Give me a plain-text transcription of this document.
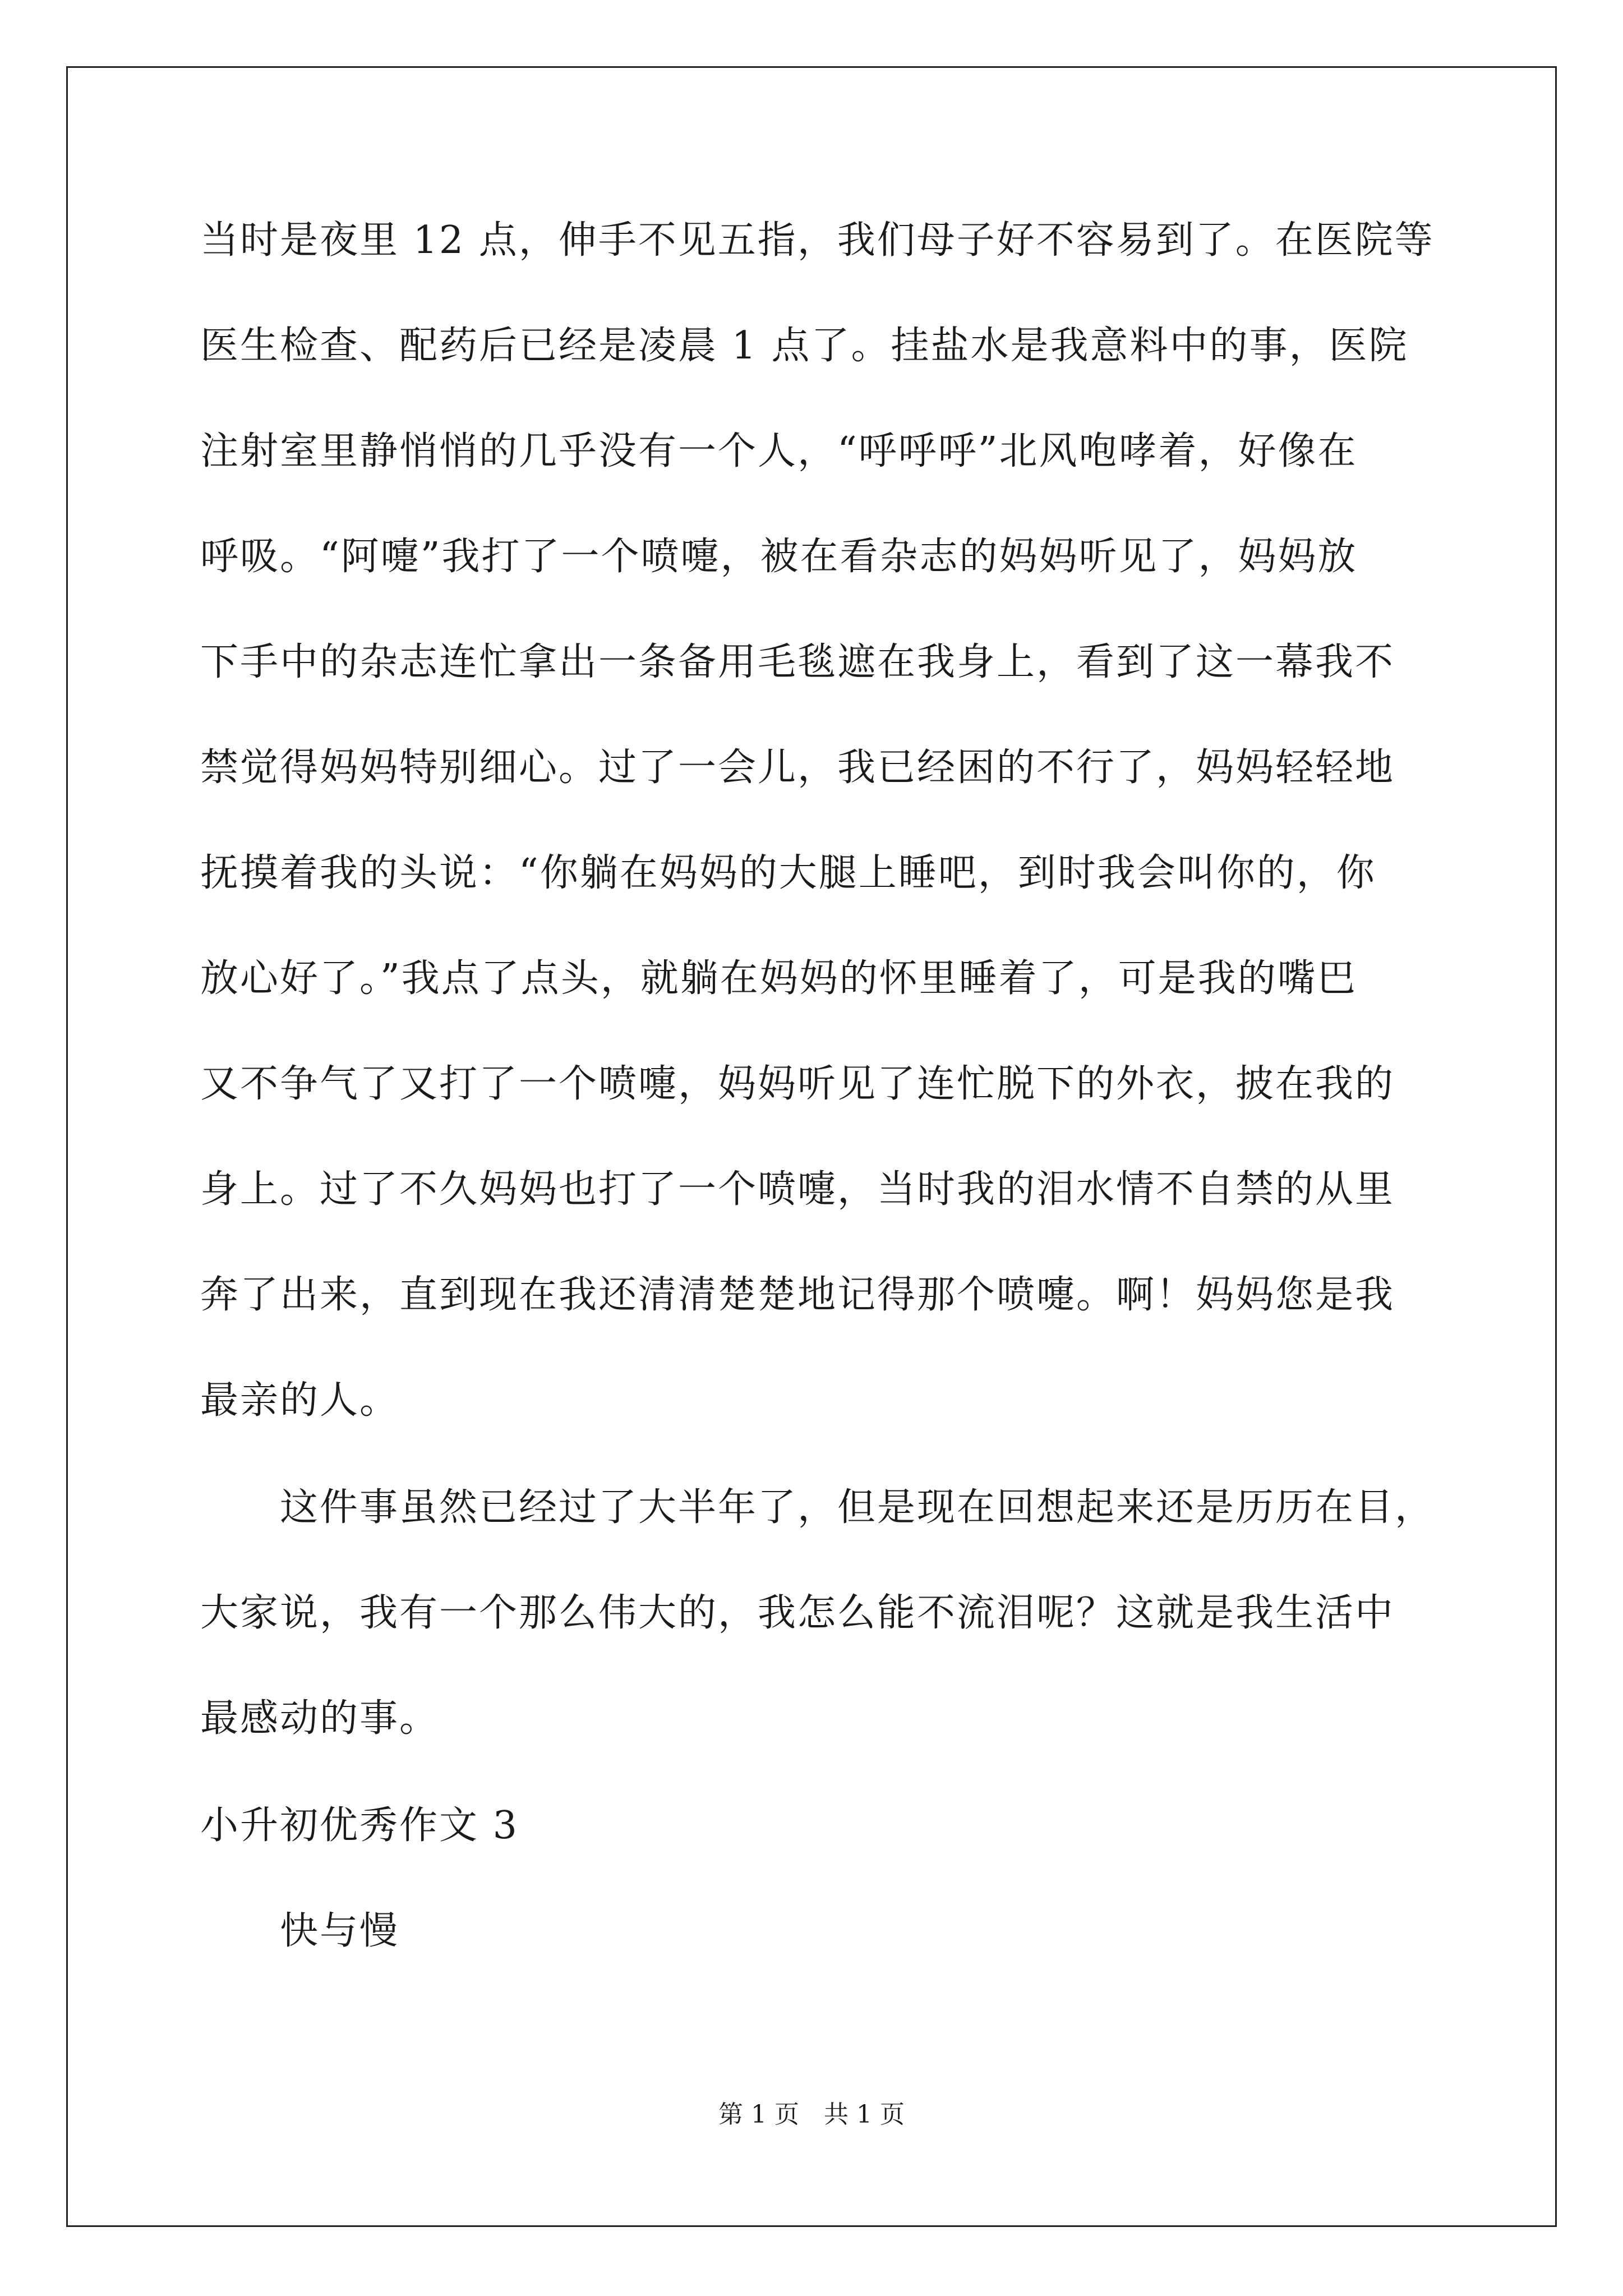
当时是夜里 12 点，伸手不见五指，我们母子好不容易到了。在医院等
医生检查、配药后已经是凌晨 1 点了。挂盐水是我意料中的事，医院
注射室里静悄悄的几乎没有一个人，“呼呼呼”北风咆哮着，好像在
呼吸。“阿嚏”我打了一个喷嚏，被在看杂志的妈妈听见了，妈妈放
下手中的杂志连忙拿出一条备用毛毯遮在我身上，看到了这一幕我不
禁觉得妈妈特别细心。过了一会儿，我已经困的不行了，妈妈轻轻地
抚摸着我的头说：“你躺在妈妈的大腿上睡吧，到时我会叫你的，你
放心好了。”我点了点头，就躺在妈妈的怀里睡着了，可是我的嘴巴
又不争气了又打了一个喷嚏，妈妈听见了连忙脱下的外衣，披在我的
身上。过了不久妈妈也打了一个喷嚏，当时我的泪水情不自禁的从里
奔了出来，直到现在我还清清楚楚地记得那个喷嚏。啊！妈妈您是我
最亲的人。
这件事虽然已经过了大半年了，但是现在回想起来还是历历在目，
大家说，我有一个那么伟大的，我怎么能不流泪呢？这就是我生活中
最感动的事。
小升初优秀作文 3
快与慢
第 1 页 共 1 页
